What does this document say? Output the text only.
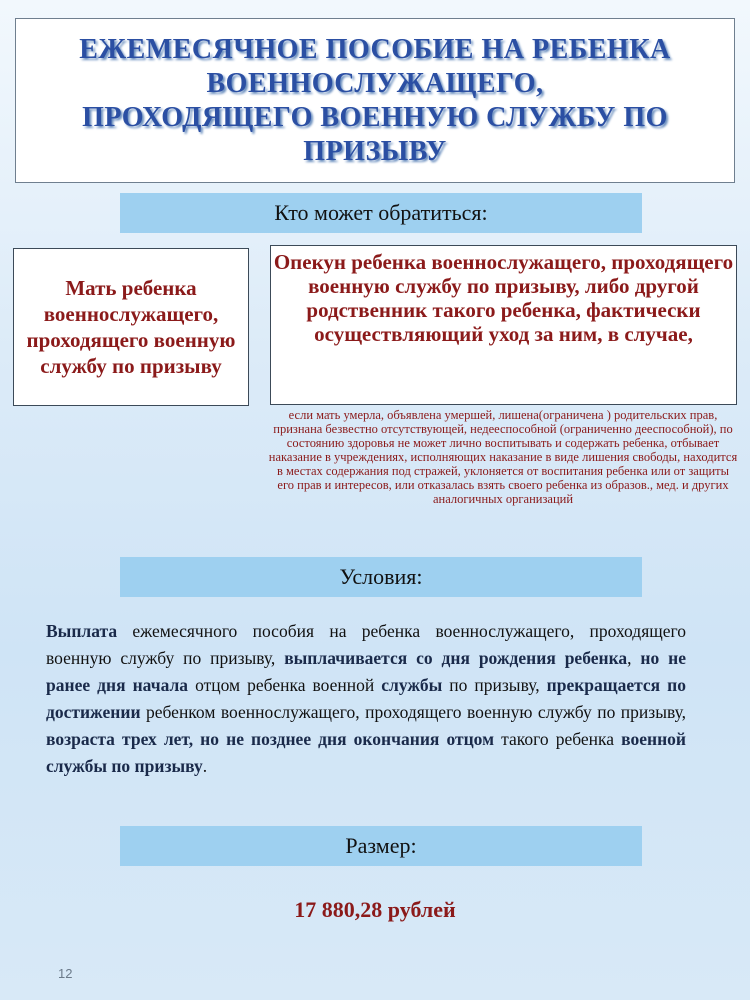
ЕЖЕМЕСЯЧНОЕ ПОСОБИЕ НА РЕБЕНКА
ВОЕННОСЛУЖАЩЕГО,
ПРОХОДЯЩЕГО ВОЕННУЮ СЛУЖБУ ПО
ПРИЗЫВУ
Кто может обратиться:
Мать ребенка военнослужащего, проходящего военную службу по призыву
Опекун ребенка военнослужащего, проходящего военную службу по призыву, либо другой родственник такого ребенка, фактически осуществляющий уход за ним, в случае,
если мать умерла, объявлена умершей, лишена(ограничена ) родительских прав, признана безвестно отсутствующей, недееспособной (ограниченно дееспособной), по состоянию здоровья не может лично воспитывать и содержать ребенка, отбывает наказание в учреждениях, исполняющих наказание в виде лишения свободы, находится в местах содержания под стражей, уклоняется от воспитания ребенка или от защиты его прав и интересов, или отказалась взять своего ребенка из образов., мед. и других аналогичных организаций
Условия:
Выплата ежемесячного пособия на ребенка военнослужащего, проходящего военную службу по призыву, выплачивается со дня рождения ребенка, но не ранее дня начала отцом ребенка военной службы по призыву, прекращается по достижении ребенком военнослужащего, проходящего военную службу по призыву, возраста трех лет, но не позднее дня окончания отцом такого ребенка военной службы по призыву.
Размер:
17 880,28 рублей
12
